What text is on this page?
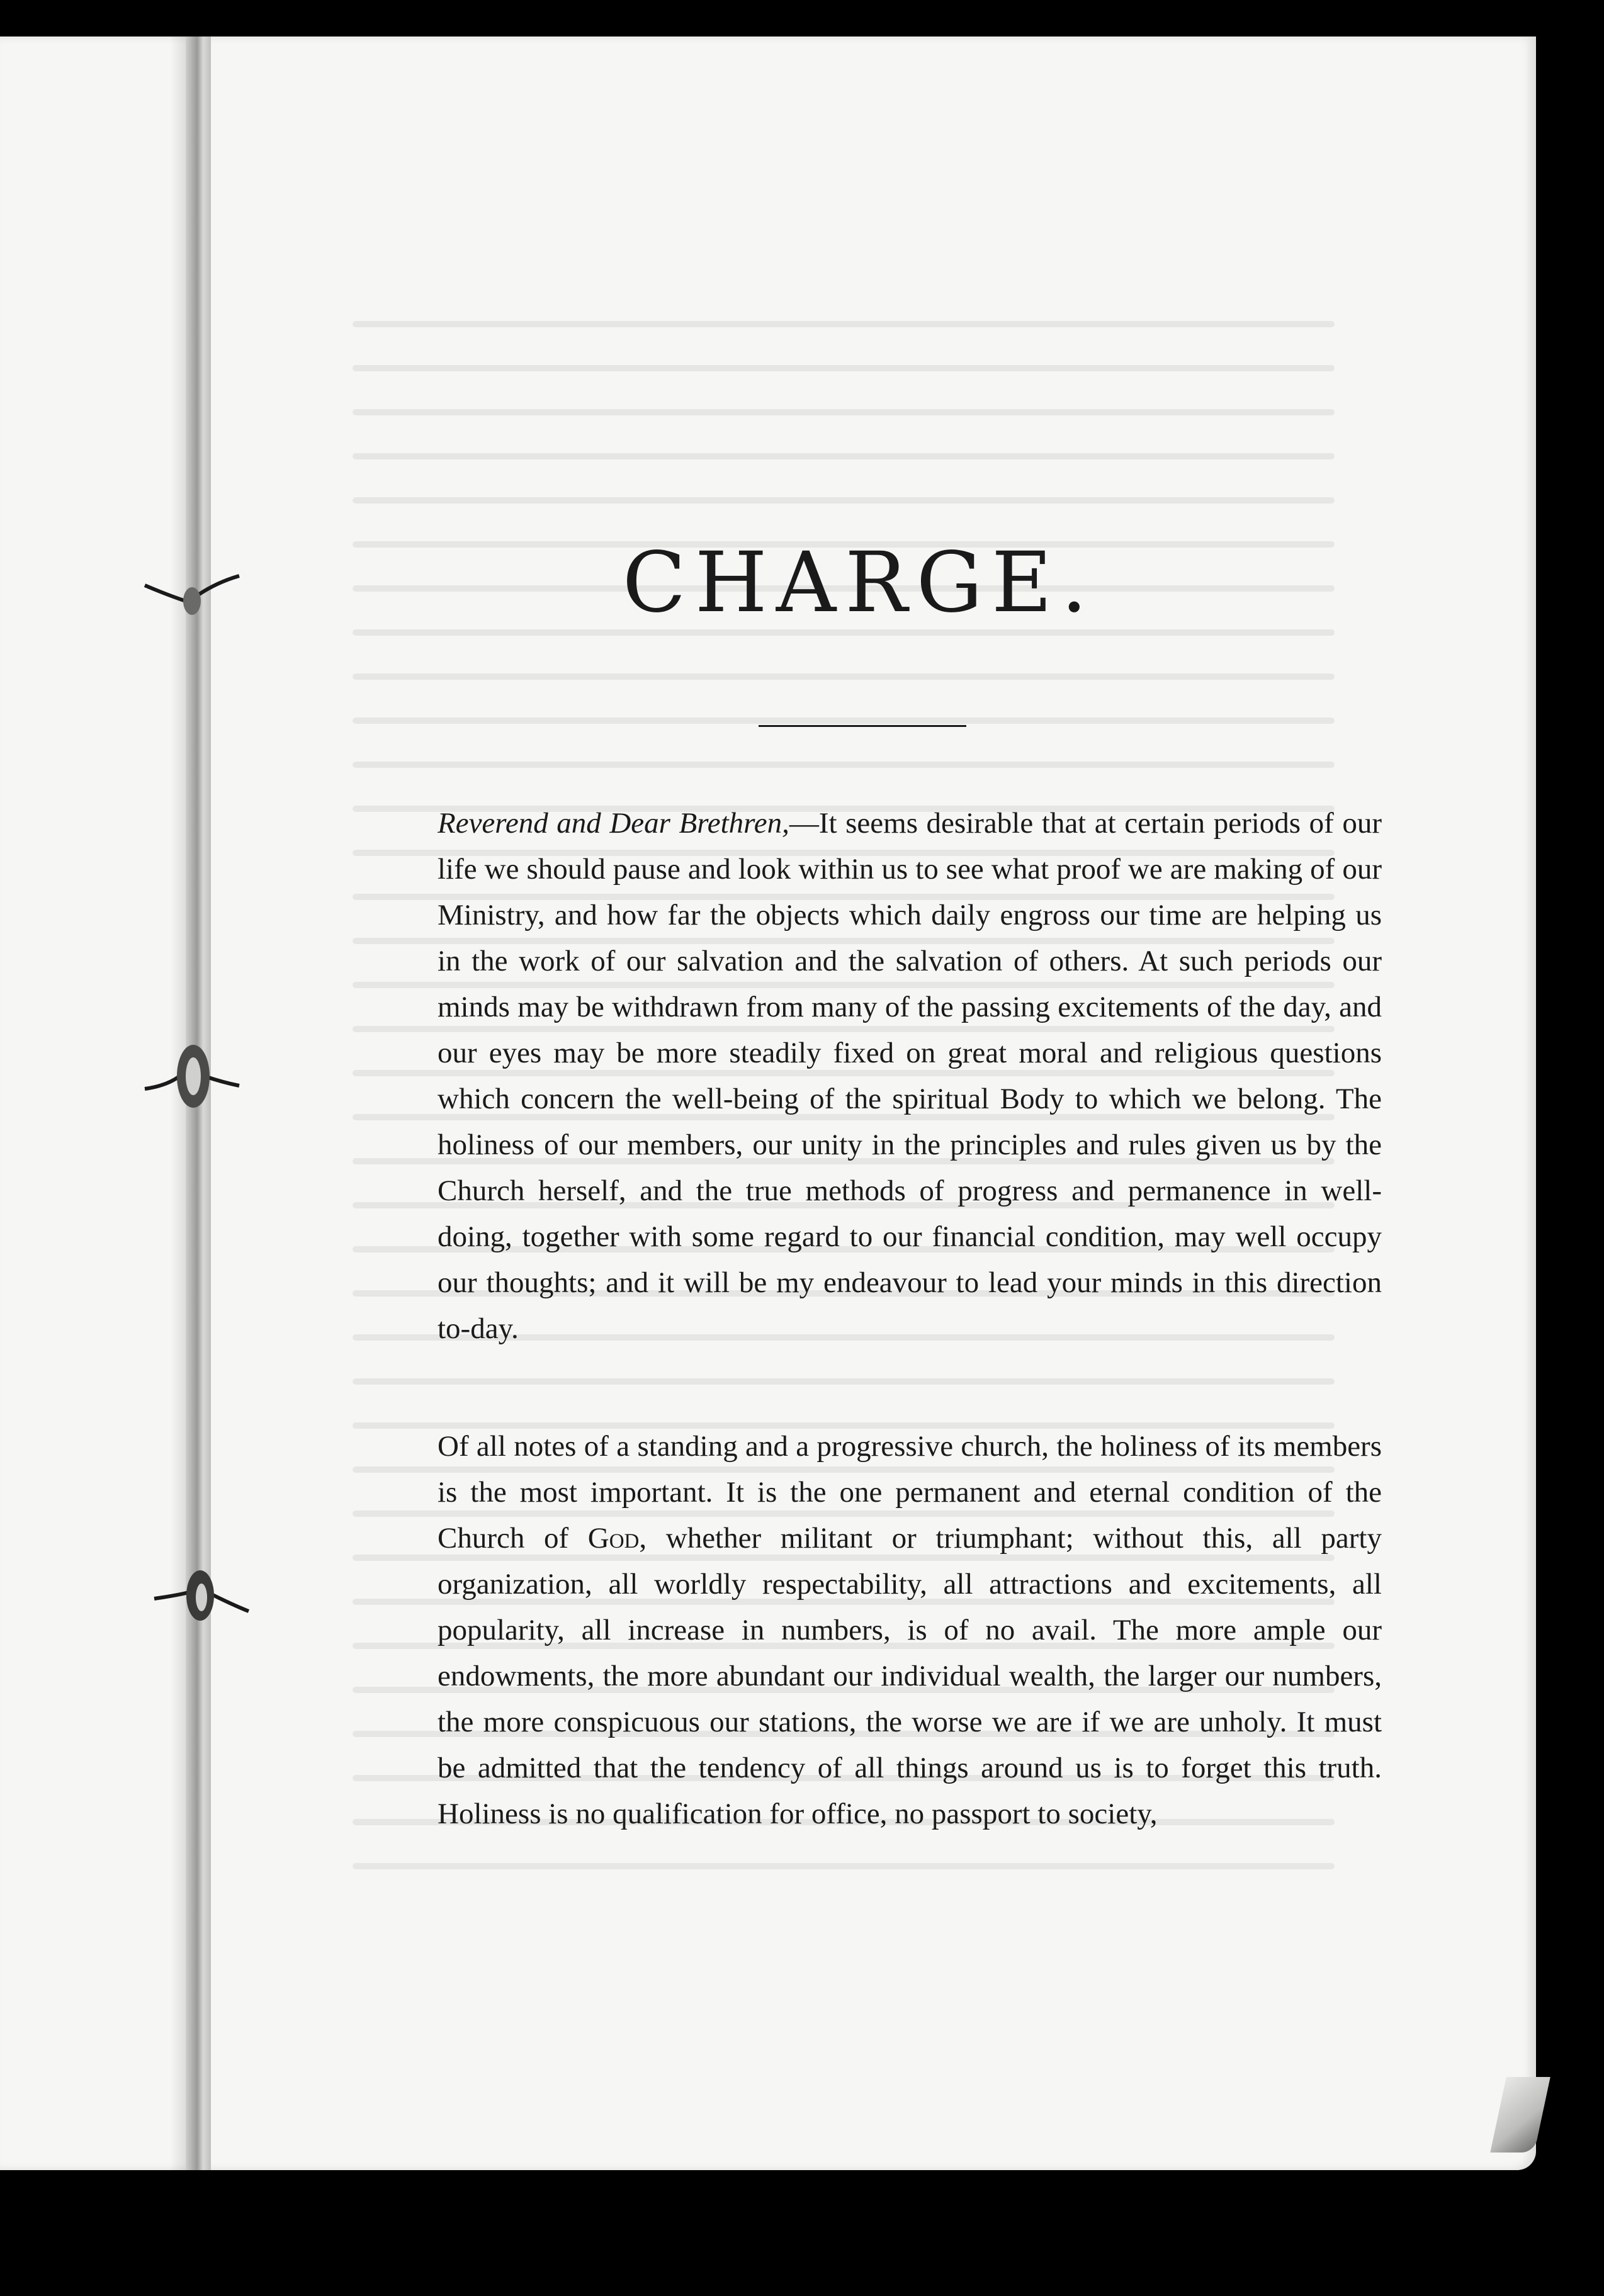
CHARGE.

Reverend and Dear Brethren,—It seems desirable that at certain periods of our life we should pause and look within us to see what proof we are making of our Ministry, and how far the objects which daily engross our time are helping us in the work of our salvation and the salvation of others. At such periods our minds may be withdrawn from many of the passing excitements of the day, and our eyes may be more steadily fixed on great moral and religious questions which concern the well-being of the spiritual Body to which we belong. The holiness of our members, our unity in the principles and rules given us by the Church herself, and the true methods of progress and permanence in well-doing, together with some regard to our financial condition, may well occupy our thoughts; and it will be my endeavour to lead your minds in this direction to-day.

Of all notes of a standing and a progressive church, the holiness of its members is the most important. It is the one permanent and eternal condition of the Church of God, whether militant or triumphant; without this, all party organization, all worldly respectability, all attractions and excitements, all popularity, all increase in numbers, is of no avail. The more ample our endowments, the more abundant our individual wealth, the larger our numbers, the more conspicuous our stations, the worse we are if we are unholy. It must be admitted that the tendency of all things around us is to forget this truth. Holiness is no qualification for office, no passport to society,
